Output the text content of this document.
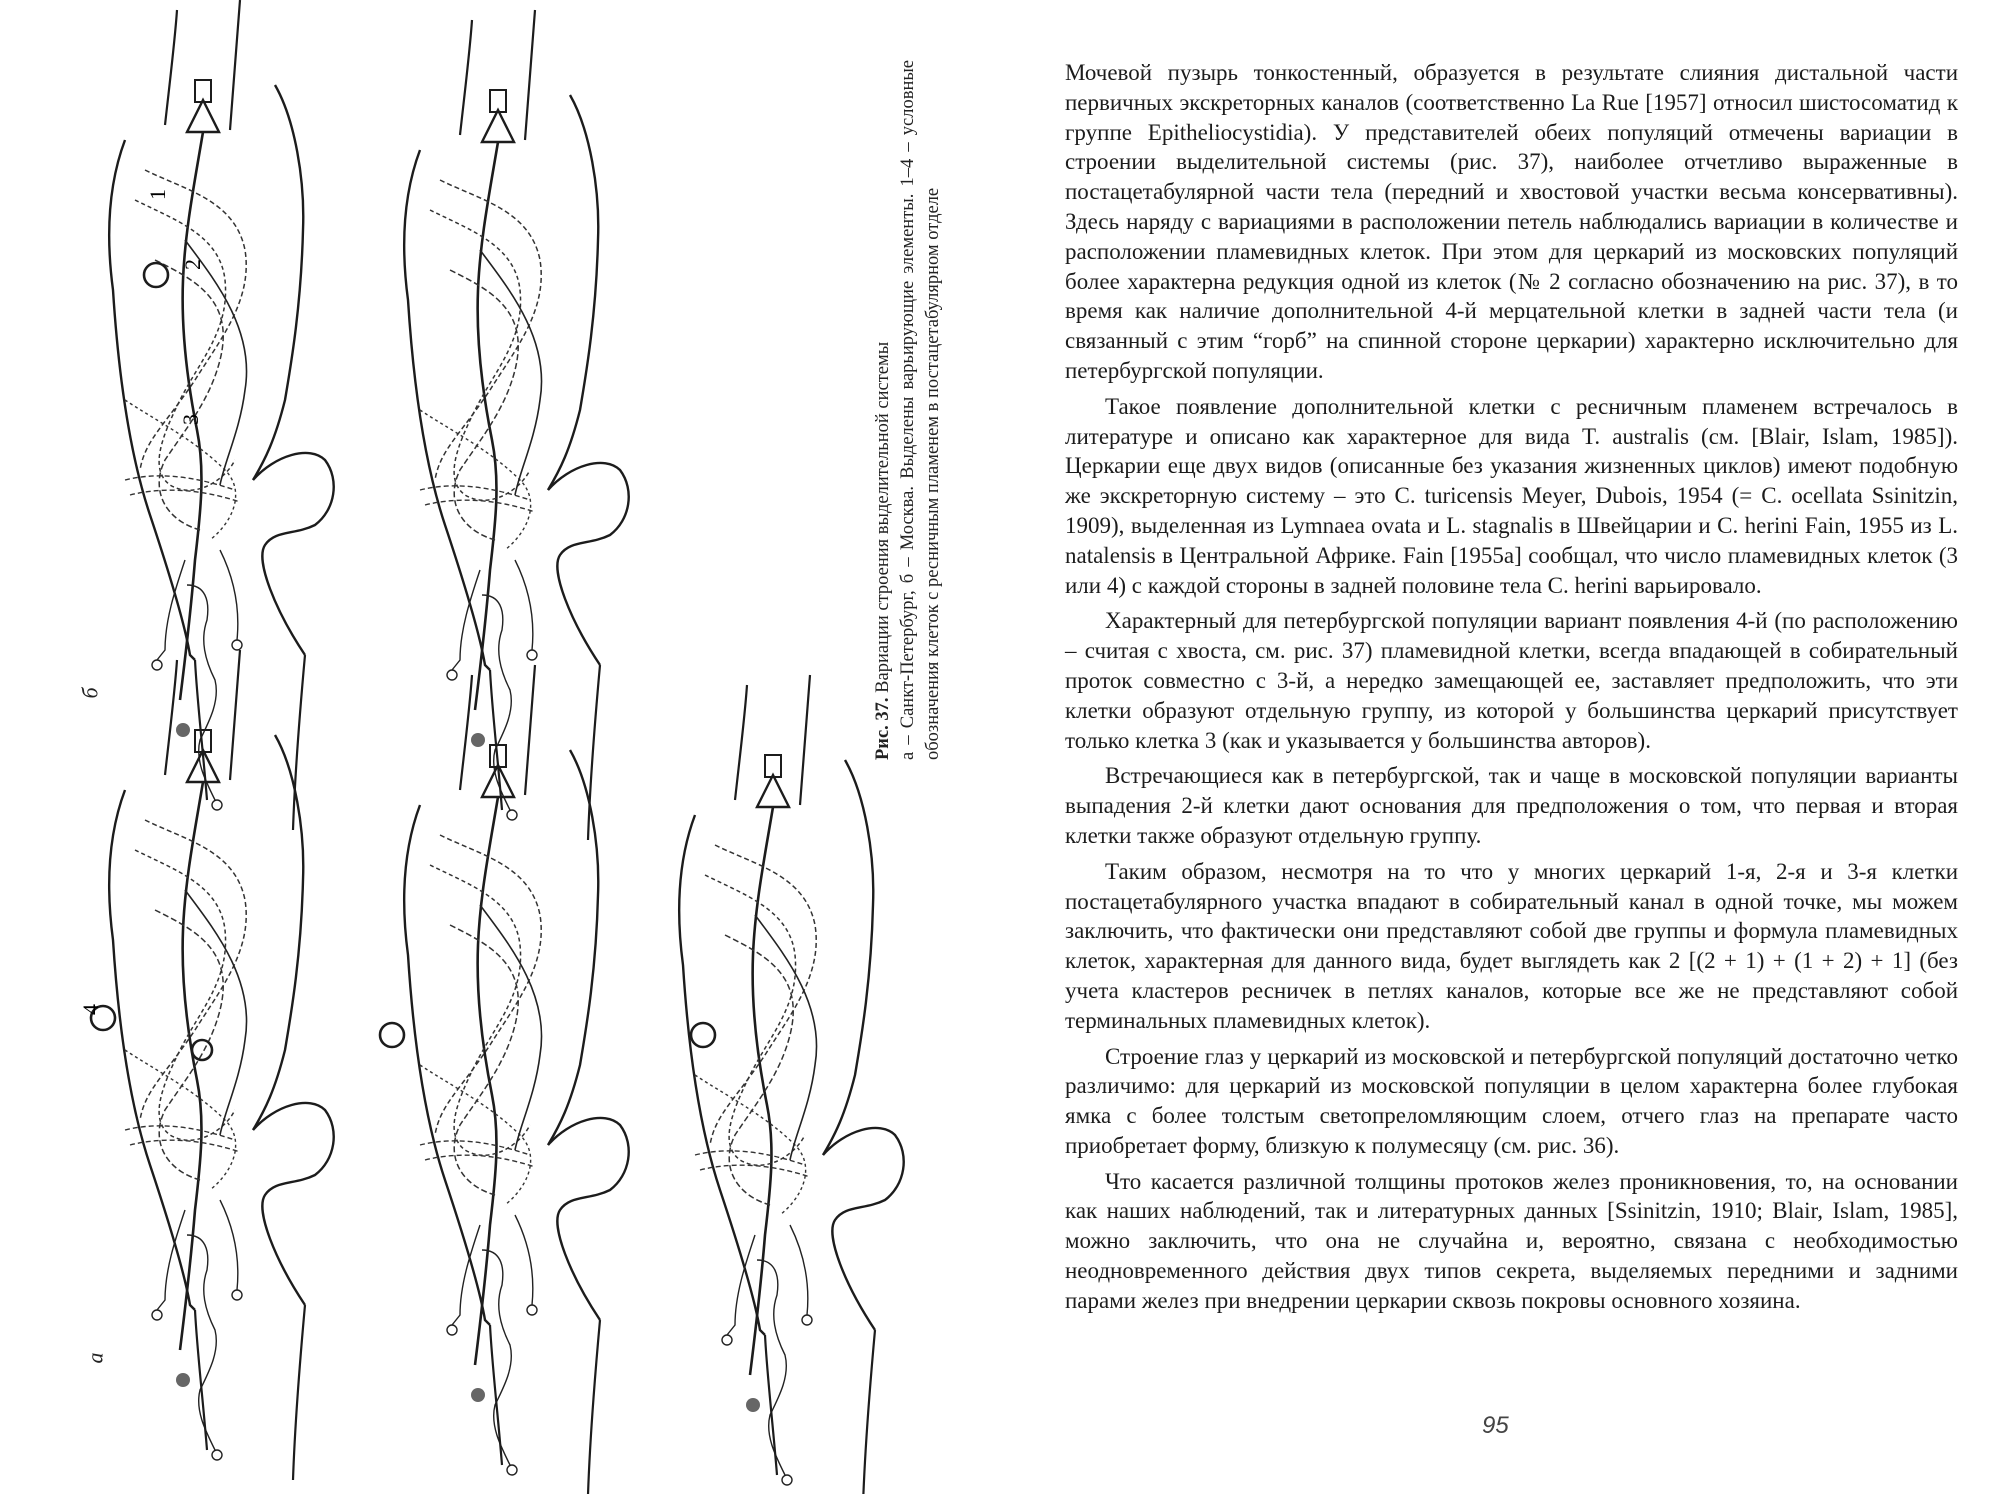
1
2
3
4
б
а

Рис. 37. Вариации строения выделительной системы а – Санкт-Петербург, б – Москва. Выделены варьирующие элементы. 1–4 – условные обозначения клеток с ресничным пламенем в постацетабулярном отделе

Мочевой пузырь тонкостенный, образуется в результате слияния дистальной части первичных экскреторных каналов (соответственно La Rue [1957] относил шистосоматид к группе Epitheliocystidia). У представителей обеих популяций отмечены вариации в строении выделительной системы (рис. 37), наиболее отчетливо выраженные в постацетабулярной части тела (передний и хвостовой участки весьма консервативны). Здесь наряду с вариациями в расположении петель наблюдались вариации в количестве и расположении пламевидных клеток. При этом для церкарий из московских популяций более характерна редукция одной из клеток (№ 2 согласно обозначению на рис. 37), в то время как наличие дополнительной 4-й мерцательной клетки в задней части тела (и связанный с этим “горб” на спинной стороне церкарии) характерно исключительно для петербургской популяции.

Такое появление дополнительной клетки с ресничным пламенем встречалось в литературе и описано как характерное для вида T. australis (см. [Blair, Islam, 1985]). Церкарии еще двух видов (описанные без указания жизненных циклов) имеют подобную же экскреторную систему – это C. turicensis Meyer, Dubois, 1954 (= C. ocellata Ssinitzin, 1909), выделенная из Lymnaea ovata и L. stagnalis в Швейцарии и C. herini Fain, 1955 из L. natalensis в Центральной Африке. Fain [1955a] сообщал, что число пламевидных клеток (3 или 4) с каждой стороны в задней половине тела C. herini варьировало.

Характерный для петербургской популяции вариант появления 4-й (по расположению – считая с хвоста, см. рис. 37) пламевидной клетки, всегда впадающей в собирательный проток совместно с 3-й, а нередко замещающей ее, заставляет предположить, что эти клетки образуют отдельную группу, из которой у большинства церкарий присутствует только клетка 3 (как и указывается у большинства авторов).

Встречающиеся как в петербургской, так и чаще в московской популяции варианты выпадения 2-й клетки дают основания для предположения о том, что первая и вторая клетки также образуют отдельную группу.

Таким образом, несмотря на то что у многих церкарий 1-я, 2-я и 3-я клетки постацетабулярного участка впадают в собирательный канал в одной точке, мы можем заключить, что фактически они представляют собой две группы и формула пламевидных клеток, характерная для данного вида, будет выглядеть как 2 [(2 + 1) + (1 + 2) + 1] (без учета кластеров ресничек в петлях каналов, которые все же не представляют собой терминальных пламевидных клеток).

Строение глаз у церкарий из московской и петербургской популяций достаточно четко различимо: для церкарий из московской популяции в целом характерна более глубокая ямка с более толстым светопреломляющим слоем, отчего глаз на препарате часто приобретает форму, близкую к полумесяцу (см. рис. 36).

Что касается различной толщины протоков желез проникновения, то, на основании как наших наблюдений, так и литературных данных [Ssinitzin, 1910; Blair, Islam, 1985], можно заключить, что она не случайна и, вероятно, связана с необходимостью неодновременного действия двух типов секрета, выделяемых передними и задними парами желез при внедрении церкарии сквозь покровы основного хозяина.

95
